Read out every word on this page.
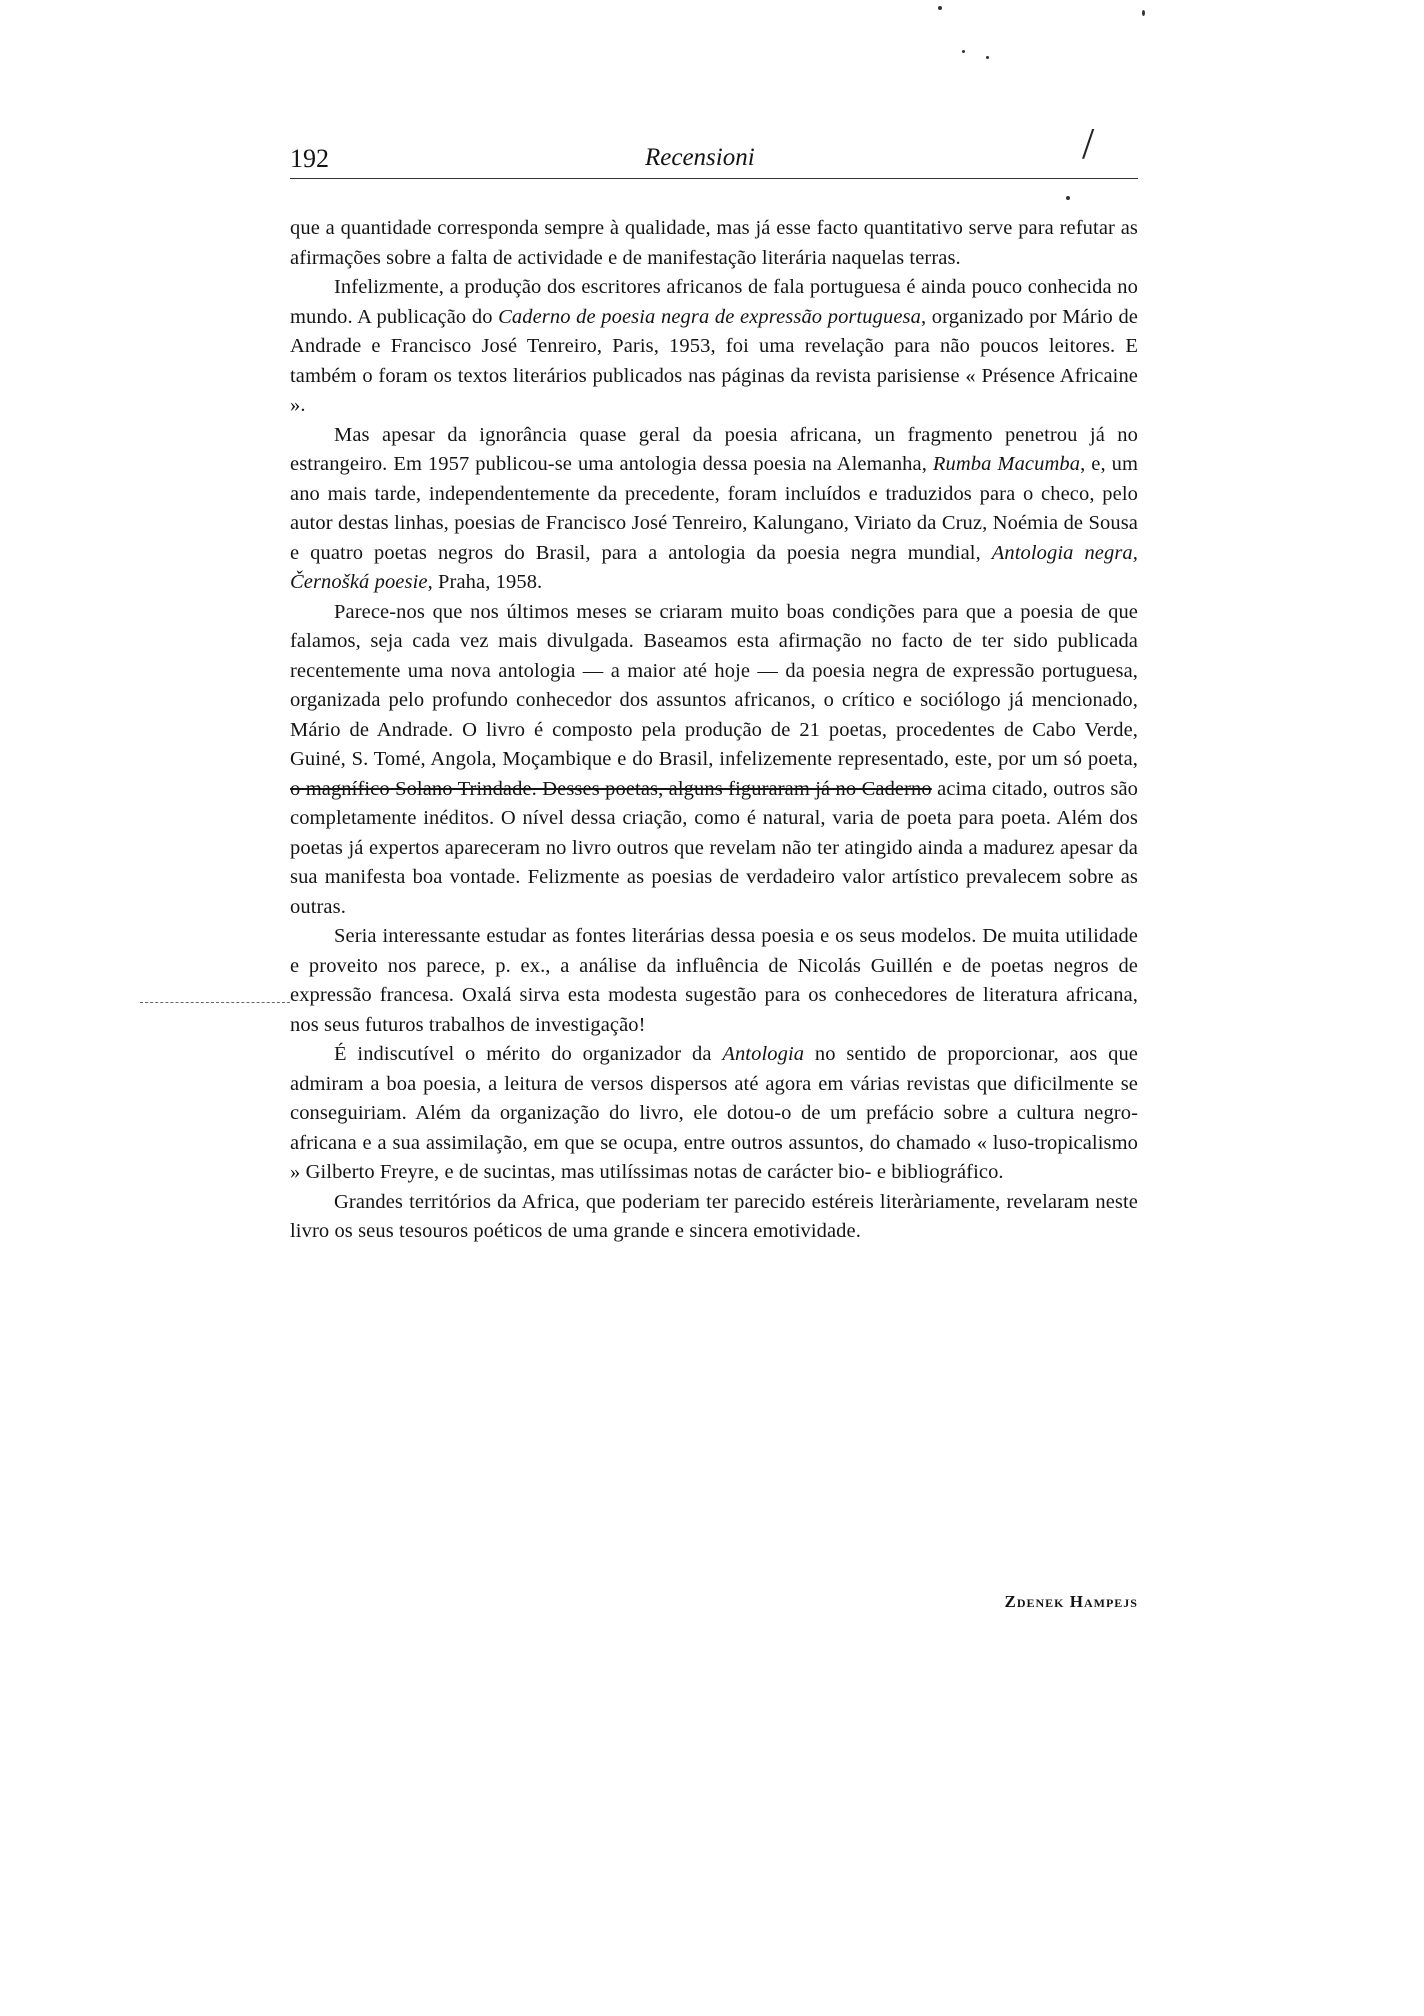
192	Recensioni	/

que a quantidade corresponda sempre à qualidade, mas já esse facto quantitativo serve para refutar as afirmações sobre a falta de actividade e de manifestação literária naquelas terras.

Infelizmente, a produção dos escritores africanos de fala portuguesa é ainda pouco conhecida no mundo. A publicação do Caderno de poesia negra de expressão portuguesa, organizado por Mário de Andrade e Francisco José Tenreiro, Paris, 1953, foi uma revelação para não poucos leitores. E também o foram os textos literários publicados nas páginas da revista parisiense « Présence Africaine ».

Mas apesar da ignorância quase geral da poesia africana, un fragmento penetrou já no estrangeiro. Em 1957 publicou-se uma antologia dessa poesia na Alemanha, Rumba Macumba, e, um ano mais tarde, independentemente da precedente, foram incluídos e traduzidos para o checo, pelo autor destas linhas, poesias de Francisco José Tenreiro, Kalungano, Viriato da Cruz, Noémia de Sousa e quatro poetas negros do Brasil, para a antologia da poesia negra mundial, Antologia negra, Černošká poesie, Praha, 1958.

Parece-nos que nos últimos meses se criaram muito boas condições para que a poesia de que falamos, seja cada vez mais divulgada. Baseamos esta afirmação no facto de ter sido publicada recentemente uma nova antologia — a maior até hoje — da poesia negra de expressão portuguesa, organizada pelo profundo conhecedor dos assuntos africanos, o crítico e sociólogo já mencionado, Mário de Andrade. O livro é composto pela produção de 21 poetas, procedentes de Cabo Verde, Guiné, S. Tomé, Angola, Moçambique e do Brasil, infelizemente representado, este, por um só poeta, o magnífico Solano Trindade. Desses poetas, alguns figuraram já no Caderno acima citado, outros são completamente inéditos. O nível dessa criação, como é natural, varia de poeta para poeta. Além dos poetas já expertos apareceram no livro outros que revelam não ter atingido ainda a madurez apesar da sua manifesta boa vontade. Felizmente as poesias de verdadeiro valor artístico prevalecem sobre as outras.

Seria interessante estudar as fontes literárias dessa poesia e os seus modelos. De muita utilidade e proveito nos parece, p. ex., a análise da influência de Nicolás Guillén e de poetas negros de expressão francesa. Oxalá sirva esta modesta sugestão para os conhecedores de literatura africana, nos seus futuros trabalhos de investigação!

É indiscutível o mérito do organizador da Antologia no sentido de proporcionar, aos que admiram a boa poesia, a leitura de versos dispersos até agora em várias revistas que dificilmente se conseguiriam. Além da organização do livro, ele dotou-o de um prefácio sobre a cultura negro-africana e a sua assimilação, em que se ocupa, entre outros assuntos, do chamado « luso-tropicalismo » Gilberto Freyre, e de sucintas, mas utilíssimas notas de carácter bio- e bibliográfico.

Grandes territórios da Africa, que poderiam ter parecido estéreis literàriamente, revelaram neste livro os seus tesouros poéticos de uma grande e sincera emotividade.

Zdenek Hampejs
